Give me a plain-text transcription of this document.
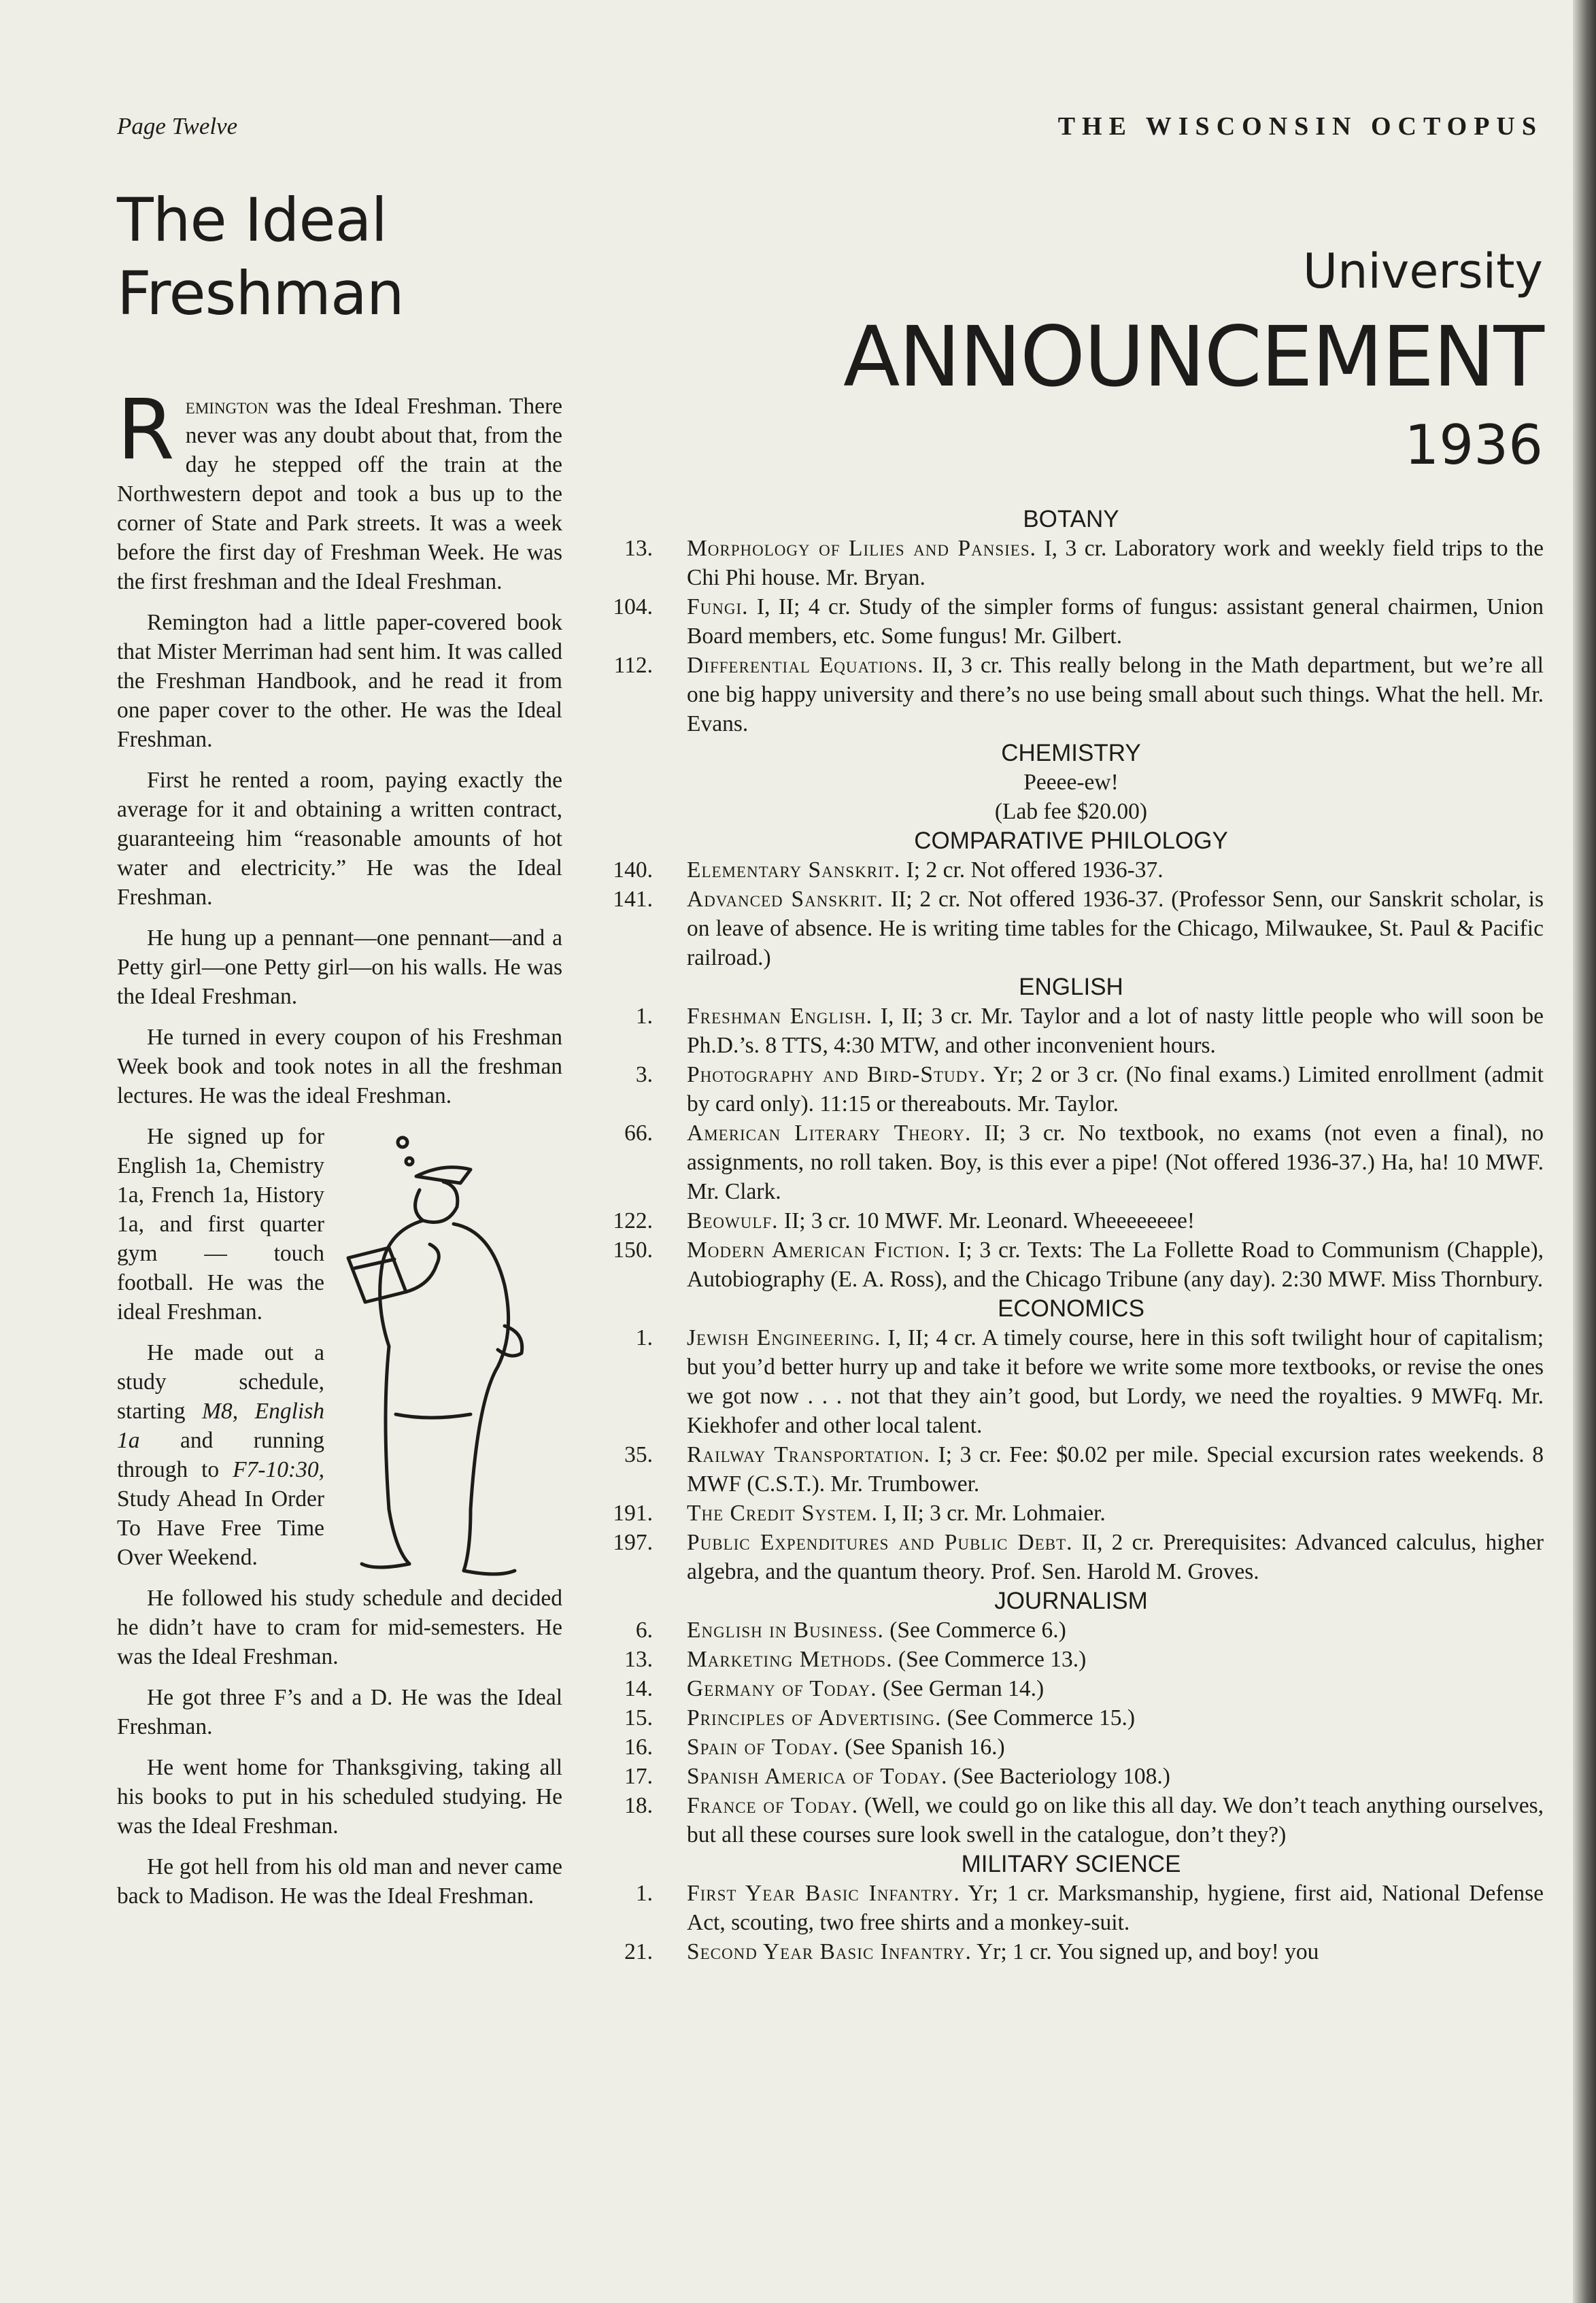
Page Twelve	THE WISCONSIN OCTOPUS
The Ideal Freshman

Remington was the Ideal Freshman. There never was any doubt about that, from the day he stepped off the train at the Northwestern depot and took a bus up to the corner of State and Park streets. It was a week before the first day of Freshman Week. He was the first freshman and the Ideal Freshman.

Remington had a little paper-covered book that Mister Merriman had sent him. It was called the Freshman Handbook, and he read it from one paper cover to the other. He was the Ideal Freshman.

First he rented a room, paying exactly the average for it and obtaining a written contract, guaranteeing him “reasonable amounts of hot water and electricity.” He was the Ideal Freshman.

He hung up a pennant—one pennant—and a Petty girl—one Petty girl—on his walls. He was the Ideal Freshman.

He turned in every coupon of his Freshman Week book and took notes in all the freshman lectures. He was the ideal Freshman.

He signed up for English 1a, Chemistry 1a, French 1a, History 1a, and first quarter gym — touch football. He was the ideal Freshman.

He made out a study schedule, starting M8, English 1a and running through to F7-10:30, Study Ahead In Order To Have Free Time Over Weekend.

He followed his study schedule and decided he didn’t have to cram for mid-semesters. He was the Ideal Freshman.

He got three F’s and a D. He was the Ideal Freshman.

He went home for Thanksgiving, taking all his books to put in his scheduled studying. He was the Ideal Freshman.

He got hell from his old man and never came back to Madison. He was the Ideal Freshman.

University
ANNOUNCEMENT
1936
BOTANY
13. Morphology of Lilies and Pansies. I, 3 cr. Laboratory work and weekly field trips to the Chi Phi house. Mr. Bryan.
104. Fungi. I, II; 4 cr. Study of the simpler forms of fungus: assistant general chairmen, Union Board members, etc. Some fungus! Mr. Gilbert.
112. Differential Equations. II, 3 cr. This really belong in the Math department, but we’re all one big happy university and there’s no use being small about such things. What the hell. Mr. Evans.
CHEMISTRY
Peeee-ew!
(Lab fee $20.00)
COMPARATIVE PHILOLOGY
140. Elementary Sanskrit. I; 2 cr. Not offered 1936-37.
141. Advanced Sanskrit. II; 2 cr. Not offered 1936-37. (Professor Senn, our Sanskrit scholar, is on leave of absence. He is writing time tables for the Chicago, Milwaukee, St. Paul & Pacific railroad.)
ENGLISH
1. Freshman English. I, II; 3 cr. Mr. Taylor and a lot of nasty little people who will soon be Ph.D.’s. 8 TTS, 4:30 MTW, and other inconvenient hours.
3. Photography and Bird-Study. Yr; 2 or 3 cr. (No final exams.) Limited enrollment (admit by card only). 11:15 or thereabouts. Mr. Taylor.
66. American Literary Theory. II; 3 cr. No textbook, no exams (not even a final), no assignments, no roll taken. Boy, is this ever a pipe! (Not offered 1936-37.) Ha, ha! 10 MWF. Mr. Clark.
122. Beowulf. II; 3 cr. 10 MWF. Mr. Leonard. Wheeeeeeee!
150. Modern American Fiction. I; 3 cr. Texts: The La Follette Road to Communism (Chapple), Autobiography (E. A. Ross), and the Chicago Tribune (any day). 2:30 MWF. Miss Thornbury.
ECONOMICS
1. Jewish Engineering. I, II; 4 cr. A timely course, here in this soft twilight hour of capitalism; but you’d better hurry up and take it before we write some more textbooks, or revise the ones we got now . . . not that they ain’t good, but Lordy, we need the royalties. 9 MWFq. Mr. Kiekhofer and other local talent.
35. Railway Transportation. I; 3 cr. Fee: $0.02 per mile. Special excursion rates weekends. 8 MWF (C.S.T.). Mr. Trumbower.
191. The Credit System. I, II; 3 cr. Mr. Lohmaier.
197. Public Expenditures and Public Debt. II, 2 cr. Prerequisites: Advanced calculus, higher algebra, and the quantum theory. Prof. Sen. Harold M. Groves.
JOURNALISM
6. English in Business. (See Commerce 6.)
13. Marketing Methods. (See Commerce 13.)
14. Germany of Today. (See German 14.)
15. Principles of Advertising. (See Commerce 15.)
16. Spain of Today. (See Spanish 16.)
17. Spanish America of Today. (See Bacteriology 108.)
18. France of Today. (Well, we could go on like this all day. We don’t teach anything ourselves, but all these courses sure look swell in the catalogue, don’t they?)
MILITARY SCIENCE
1. First Year Basic Infantry. Yr; 1 cr. Marksmanship, hygiene, first aid, National Defense Act, scouting, two free shirts and a monkey-suit.
21. Second Year Basic Infantry. Yr; 1 cr. You signed up, and boy! you
